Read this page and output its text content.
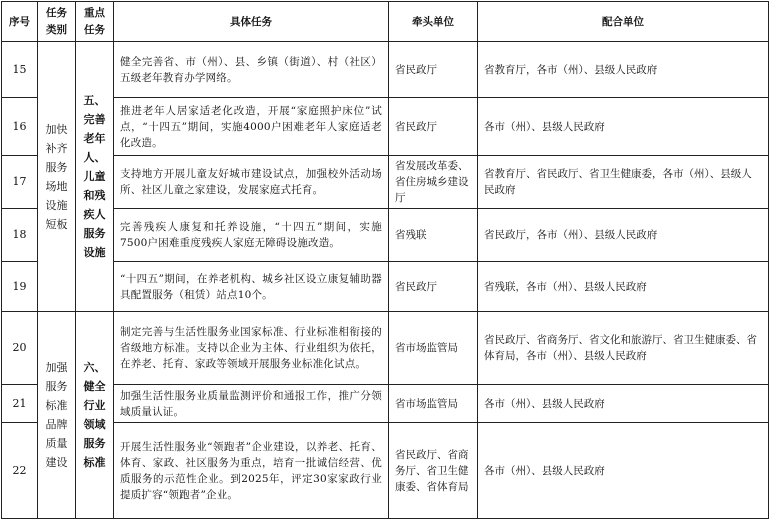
序号	任务类别	重点任务	具体任务	牵头单位	配合单位
15	加快补齐服务场地设施短板	五、完善老年人、儿童和残疾人服务设施	健全完善省、市（州）、县、乡镇（街道）、村（社区）五级老年教育办学网络。	省民政厅	省教育厅，各市（州）、县级人民政府
16			推进老年人居家适老化改造，开展“家庭照护床位”试点，“十四五”期间，实施4000户困难老年人家庭适老化改造。	省民政厅	各市（州）、县级人民政府
17			支持地方开展儿童友好城市建设试点，加强校外活动场所、社区儿童之家建设，发展家庭式托育。	省发展改革委、省住房城乡建设厅	省教育厅、省民政厅、省卫生健康委，各市（州）、县级人民政府
18			完善残疾人康复和托养设施，“十四五”期间，实施7500户困难重度残疾人家庭无障碍设施改造。	省残联	省民政厅，各市（州）、县级人民政府
19			“十四五”期间，在养老机构、城乡社区设立康复辅助器具配置服务（租赁）站点10个。	省民政厅	省残联，各市（州）、县级人民政府
20	加强服务标准品牌质量建设	六、健全行业领域服务标准	制定完善与生活性服务业国家标准、行业标准相衔接的省级地方标准。支持以企业为主体、行业组织为依托，在养老、托育、家政等领域开展服务业标准化试点。	省市场监管局	省民政厅、省商务厅、省文化和旅游厅、省卫生健康委、省体育局，各市（州）、县级人民政府
21			加强生活性服务业质量监测评价和通报工作，推广分领域质量认证。	省市场监管局	各市（州）、县级人民政府
22			开展生活性服务业“领跑者”企业建设，以养老、托育、体育、家政、社区服务为重点，培育一批诚信经营、优质服务的示范性企业。到2025年，评定30家家政行业提质扩容“领跑者”企业。	省民政厅、省商务厅、省卫生健康委、省体育局	各市（州）、县级人民政府
